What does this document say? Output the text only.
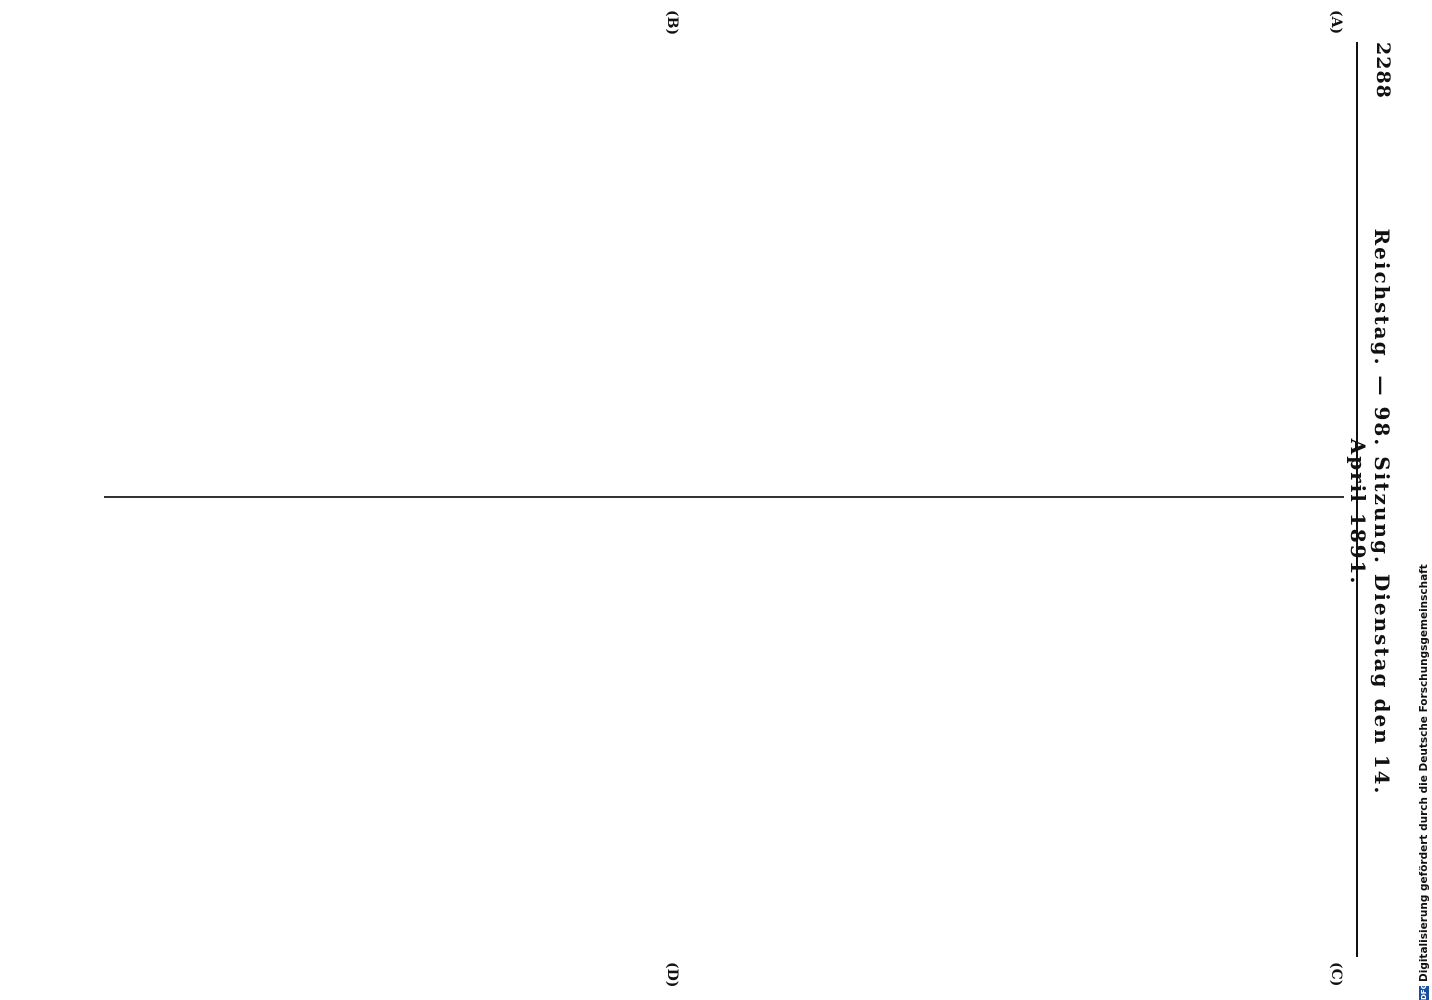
2288
Reichstag. — 98. Sitzung. Dienstag den 14. April 1891.
(A)
(B)
(C)
(D)
DFGDigitalisierung gefördert durch die Deutsche Forschungsgemeinschaft
